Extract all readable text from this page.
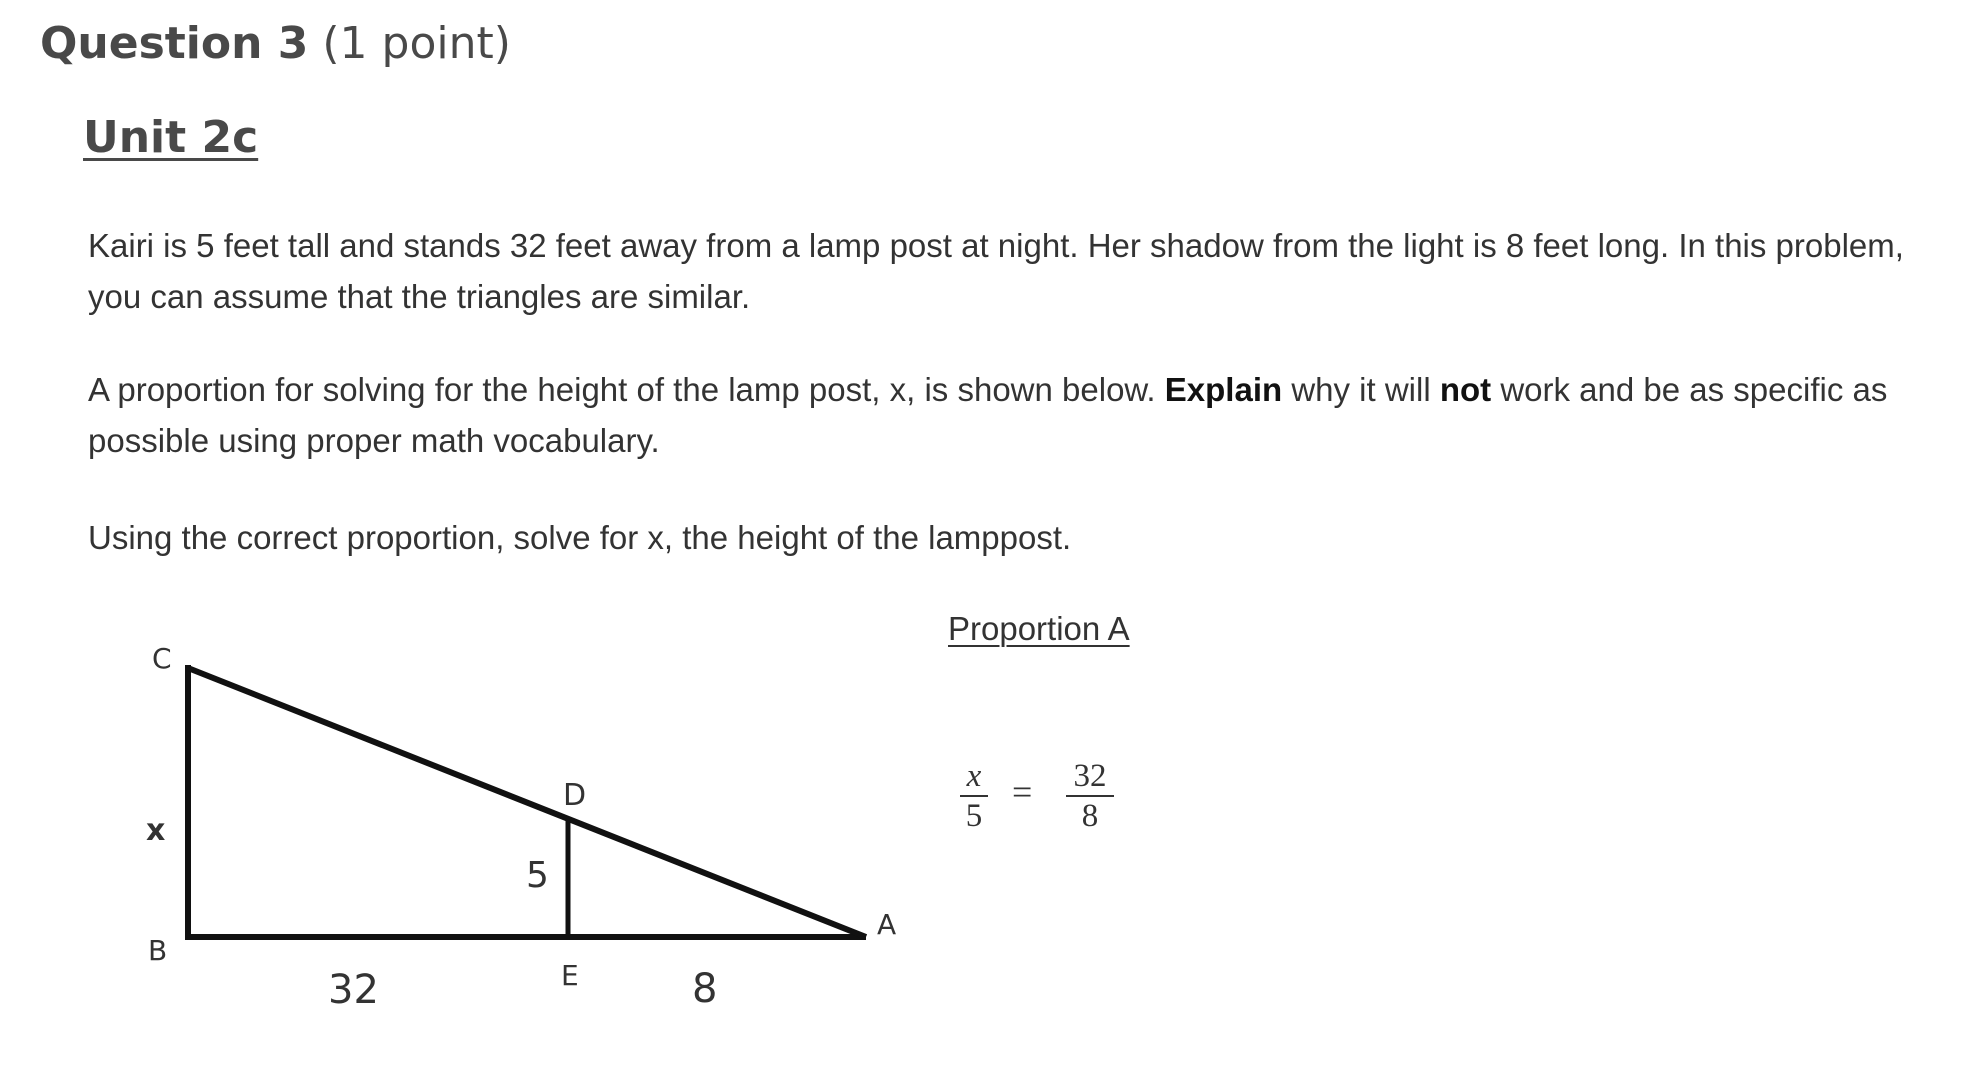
Question 3 (1 point)
Unit 2c
Kairi is 5 feet tall and stands 32 feet away from a lamp post at night. Her shadow from the light is 8 feet long. In this problem, you can assume that the triangles are similar.
A proportion for solving for the height of the lamp post, x, is shown below. Explain why it will not work and be as specific as possible using proper math vocabulary.
Using the correct proportion, solve for x, the height of the lamppost.
Proportion A
$\frac{x}{5} = \frac{32}{8}$
C
x
B
D
5
E
A
32	8
